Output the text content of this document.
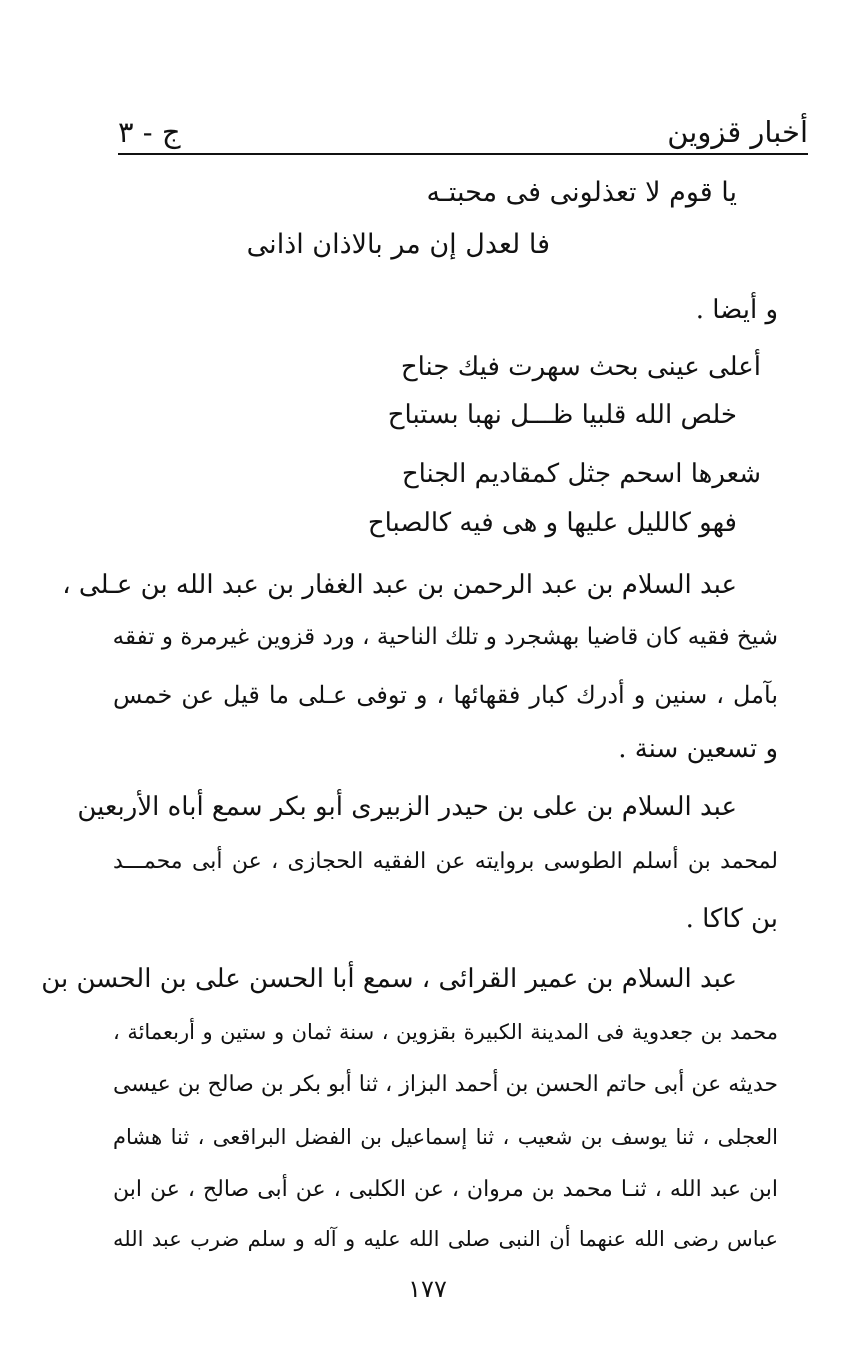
أخبار قزوين
ج - ٣
يا قوم لا تعذلونى فى محبتـه
فا لعدل إن مر بالاذان اذانى
و أيضا .
أعلى عينى بحث سهرت فيك جناح
خلص الله قلبيا ظـــل نهبا بستباح
شعرها اسحم جثل كمقاديم الجناح
فهو كالليل عليها و هى فيه كالصباح
عبد السلام بن عبد الرحمن بن عبد الغفار بن عبد الله بن عـلى ،
شيخ فقيه كان قاضيا بهشجرد و تلك الناحية ، ورد قزوين غيرمرة و تفقه
بآمل ، سنين و أدرك كبار فقهائها ، و توفى عـلى ما قيل عن خمس
و تسعين سنة .
عبد السلام بن على بن حيدر الزبيرى أبو بكر سمع أباه الأربعين
لمحمد بن أسلم الطوسى بروايته عن الفقيه الحجازى ، عن أبى محمـــد
بن كاكا .
عبد السلام بن عمير القرائى ، سمع أبا الحسن على بن الحسن بن
محمد بن جعدوية فى المدينة الكبيرة بقزوين ، سنة ثمان و ستين و أربعمائة ،
حديثه عن أبى حاتم الحسن بن أحمد البزاز ، ثنا أبو بكر بن صالح بن عيسى
العجلى ، ثنا يوسف بن شعيب ، ثنا إسماعيل بن الفضل البراقعى ، ثنا هشام
ابن عبد الله ، ثنـا محمد بن مروان ، عن الكلبى ، عن أبى صالح ، عن ابن
عباس رضى الله عنهما أن النبى صلى الله عليه و آله و سلم ضرب عبد الله
١٧٧
